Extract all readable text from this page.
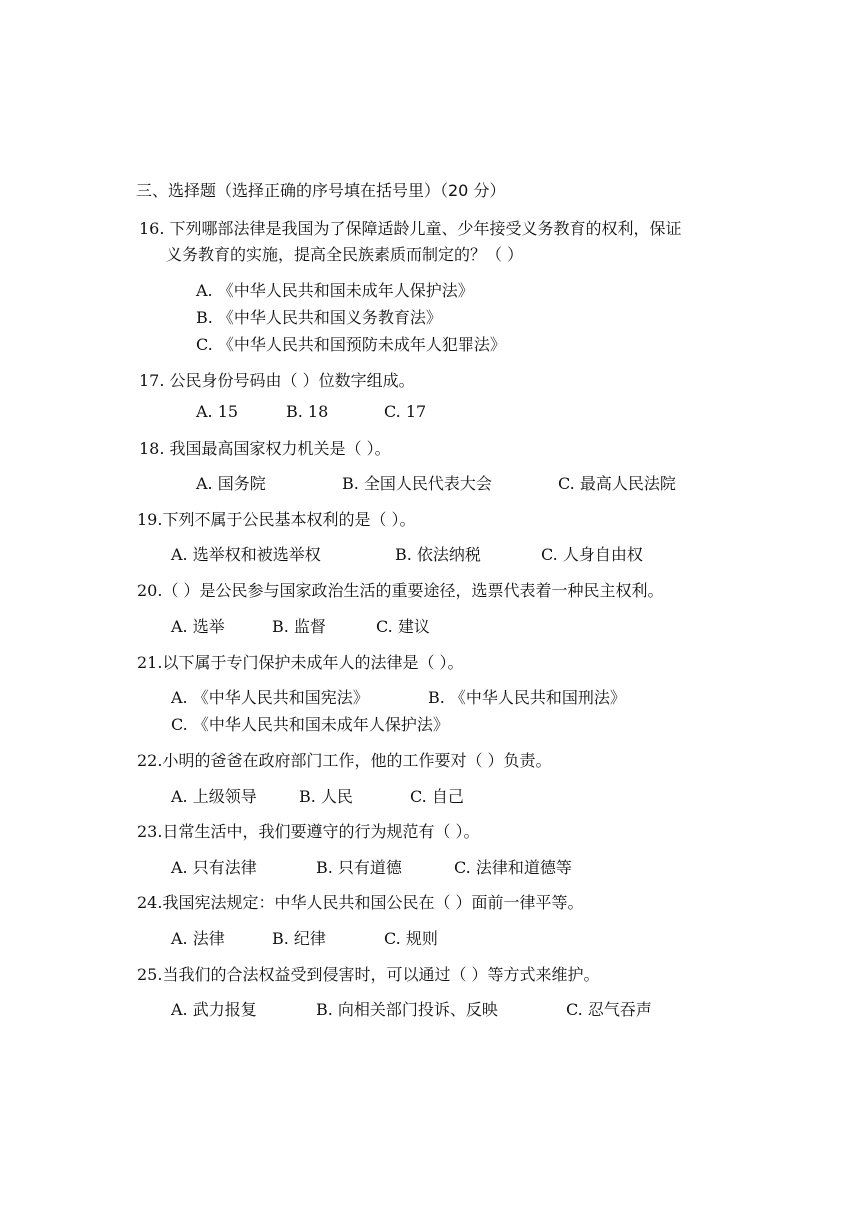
三、选择题（选择正确的序号填在括号里）（20 分）
16. 下列哪部法律是我国为了保障适龄儿童、少年接受义务教育的权利，保证
义务教育的实施，提高全民族素质而制定的？（ ）
A. 《中华人民共和国未成年人保护法》
B. 《中华人民共和国义务教育法》
C. 《中华人民共和国预防未成年人犯罪法》
17. 公民身份号码由（ ）位数字组成。
A. 15	B. 18	C. 17
18. 我国最高国家权力机关是（ ）。
A. 国务院	B. 全国人民代表大会	C. 最高人民法院
19.下列不属于公民基本权利的是（ ）。
A. 选举权和被选举权	B. 依法纳税	C. 人身自由权
20.（ ）是公民参与国家政治生活的重要途径，选票代表着一种民主权利。
A. 选举	B. 监督	C. 建议
21.以下属于专门保护未成年人的法律是（ ）。
A. 《中华人民共和国宪法》	B. 《中华人民共和国刑法》
C. 《中华人民共和国未成年人保护法》
22.小明的爸爸在政府部门工作，他的工作要对（ ）负责。
A. 上级领导	B. 人民	C. 自己
23.日常生活中，我们要遵守的行为规范有（ ）。
A. 只有法律	B. 只有道德	C. 法律和道德等
24.我国宪法规定：中华人民共和国公民在（ ）面前一律平等。
A. 法律	B. 纪律	C. 规则
25.当我们的合法权益受到侵害时，可以通过（ ）等方式来维护。
A. 武力报复	B. 向相关部门投诉、反映	C. 忍气吞声
